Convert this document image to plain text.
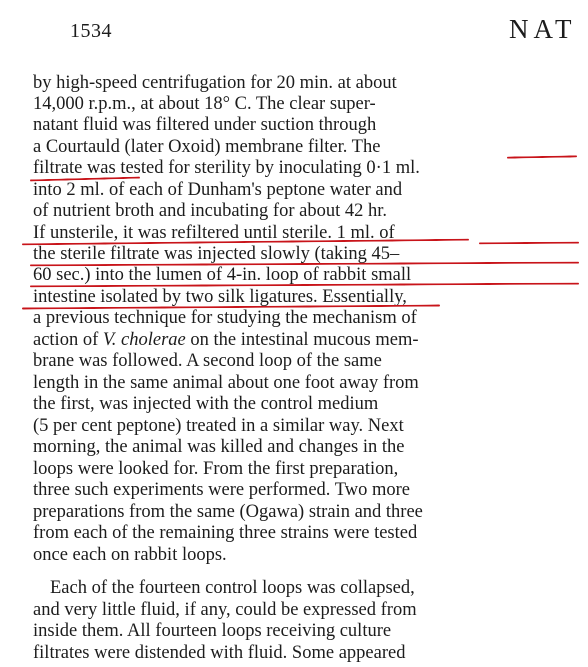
1534	NAT
by high-speed centrifugation for 20 min. at about
14,000 r.p.m., at about 18° C. The clear super-
natant fluid was filtered under suction through
a Courtauld (later Oxoid) membrane filter. The
filtrate was tested for sterility by inoculating 0·1 ml.
into 2 ml. of each of Dunham's peptone water and
of nutrient broth and incubating for about 42 hr.
If unsterile, it was refiltered until sterile. 1 ml. of
the sterile filtrate was injected slowly (taking 45–
60 sec.) into the lumen of 4-in. loop of rabbit small
intestine isolated by two silk ligatures. Essentially,
a previous technique for studying the mechanism of
action of V. cholerae on the intestinal mucous mem-
brane was followed. A second loop of the same
length in the same animal about one foot away from
the first, was injected with the control medium
(5 per cent peptone) treated in a similar way. Next
morning, the animal was killed and changes in the
loops were looked for. From the first preparation,
three such experiments were performed. Two more
preparations from the same (Ogawa) strain and three
from each of the remaining three strains were tested
once each on rabbit loops.
Each of the fourteen control loops was collapsed,
and very little fluid, if any, could be expressed from
inside them. All fourteen loops receiving culture
filtrates were distended with fluid. Some appeared
